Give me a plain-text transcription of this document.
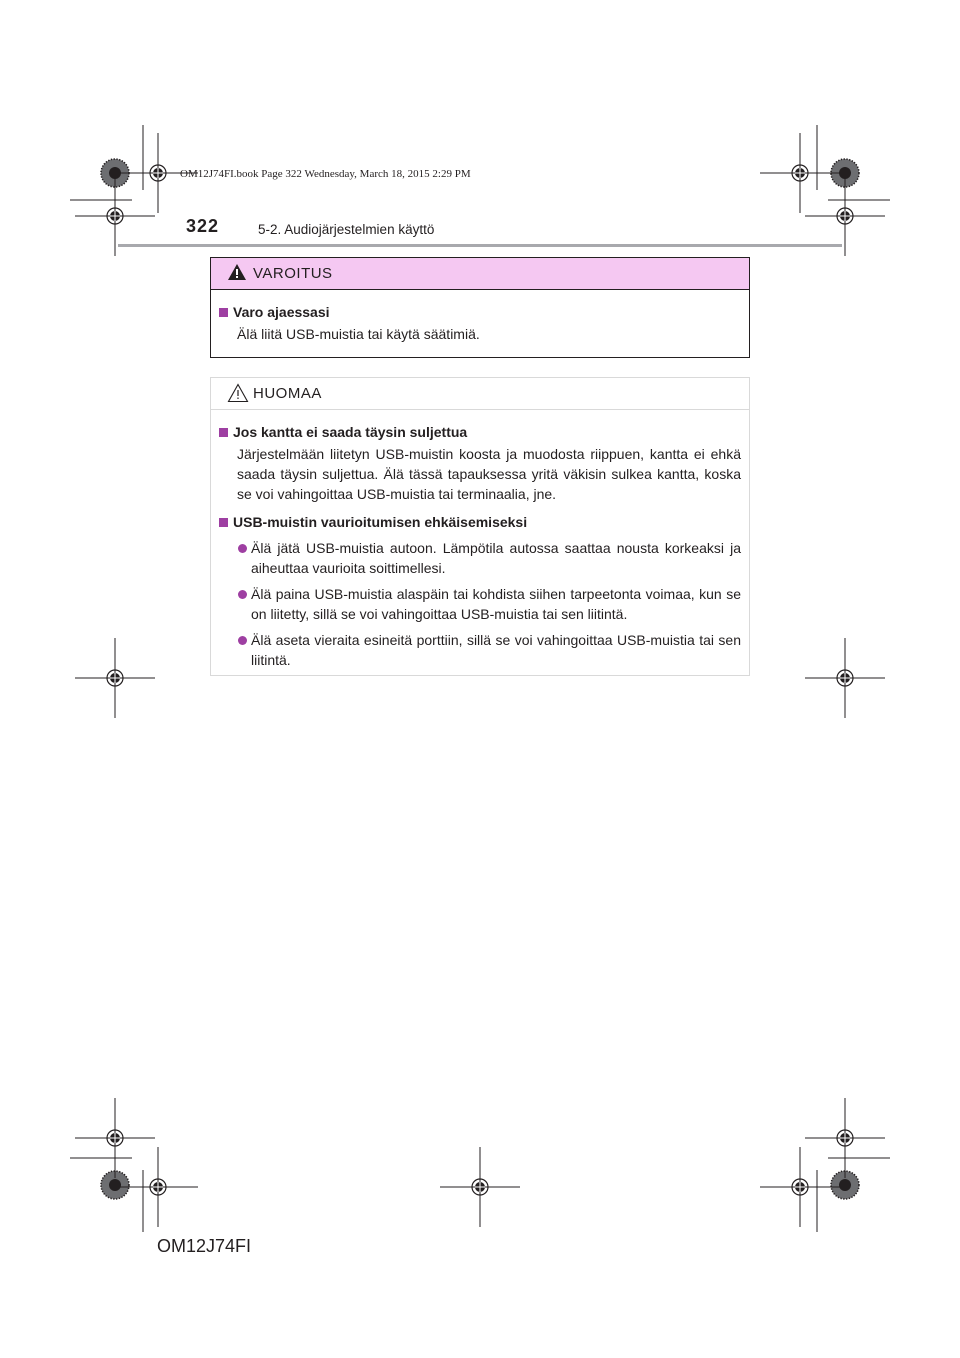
OM12J74FI.book Page 322 Wednesday, March 18, 2015 2:29 PM
322	5-2. Audiojärjestelmien käyttö
VAROITUS
Varo ajaessasi
Älä liitä USB-muistia tai käytä säätimiä.
HUOMAA
Jos kantta ei saada täysin suljettua
Järjestelmään liitetyn USB-muistin koosta ja muodosta riippuen, kantta ei ehkä saada täysin suljettua. Älä tässä tapauksessa yritä väkisin sulkea kantta, koska se voi vahingoittaa USB-muistia tai terminaalia, jne.
USB-muistin vaurioitumisen ehkäisemiseksi
Älä jätä USB-muistia autoon. Lämpötila autossa saattaa nousta korkeaksi ja aiheuttaa vaurioita soittimellesi.
Älä paina USB-muistia alaspäin tai kohdista siihen tarpeetonta voimaa, kun se on liitetty, sillä se voi vahingoittaa USB-muistia tai sen liitintä.
Älä aseta vieraita esineitä porttiin, sillä se voi vahingoittaa USB-muistia tai sen liitintä.
OM12J74FI
